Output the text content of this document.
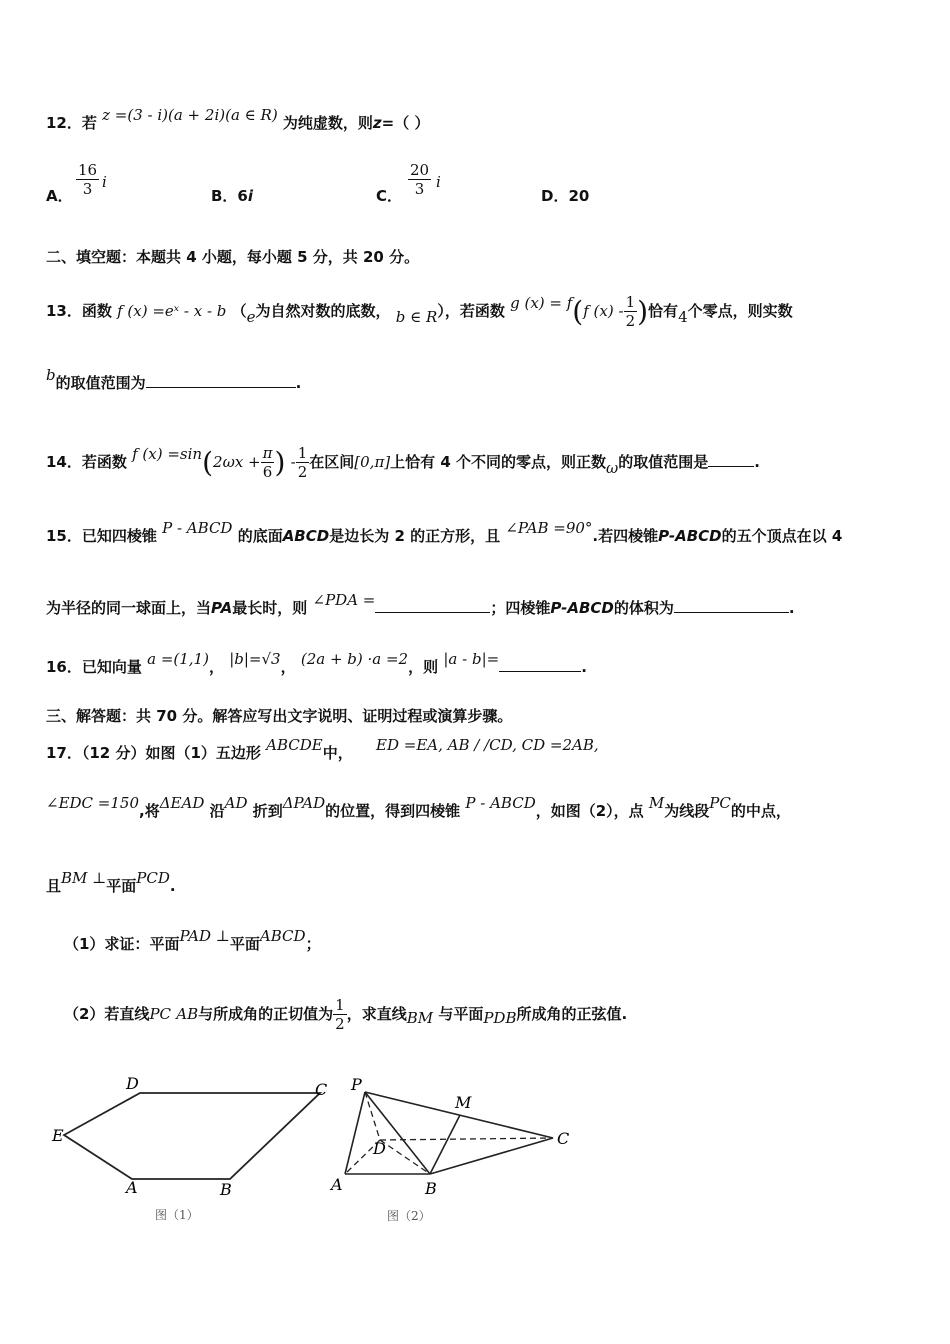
12．若 z =(3 - i)(a + 2i)(a ∈ R) 为纯虚数，则z=（ ）
A． $\frac{16}{3}$ i
B．6i	C． $\frac{20}{3}$ i
D．20
二、填空题：本题共 4 小题，每小题 5 分，共 20 分。
13．函数 f (x) =eˣ - x - b （e为自然对数的底数， b ∈ R），若函数 g (x) = f(f $(x) - \frac{1}{2}$ )恰有4个零点，则实数
b的取值范围为	.
14．若函数 f $(x) =\sin(2\omega x + \frac{\pi}{6}$ ) - $\frac{1}{2}$ 在区间[0,π]上恰有 4 个不同的零点，则正数ω的取值范围是	.
15．已知四棱锥 P - ABCD 的底面ABCD是边长为 2 的正方形，且 ∠PAB =90°.若四棱锥P-ABCD的五个顶点在以 4
为半径的同一球面上，当PA最长时，则 ∠PDA =	；四棱锥P-ABCD的体积为	.
16．已知向量 a =(1,1)， |b|=√3， (2a + b) ·a =2，则 |a - b|=	.
三、解答题：共 70 分。解答应写出文字说明、证明过程或演算步骤。
17．（12 分）如图（1）五边形 ABCDE中， ED =EA, AB / /CD, CD =2AB,
∠EDC =150,将ΔEAD 沿AD 折到ΔPAD的位置，得到四棱锥 P - ABCD，如图（2），点 M为线段PC的中点，
且BM ⊥平面PCD.
（1）求证：平面PAD ⊥平面ABCD；
（2）若直线PC AB与所成角的正切值为 $\frac{1}{2}$ ，求直线BM 与平面PDB所成角的正弦值.
D	C
E
A	B
图（1）
P
M
D
C
A	B
图（2）
